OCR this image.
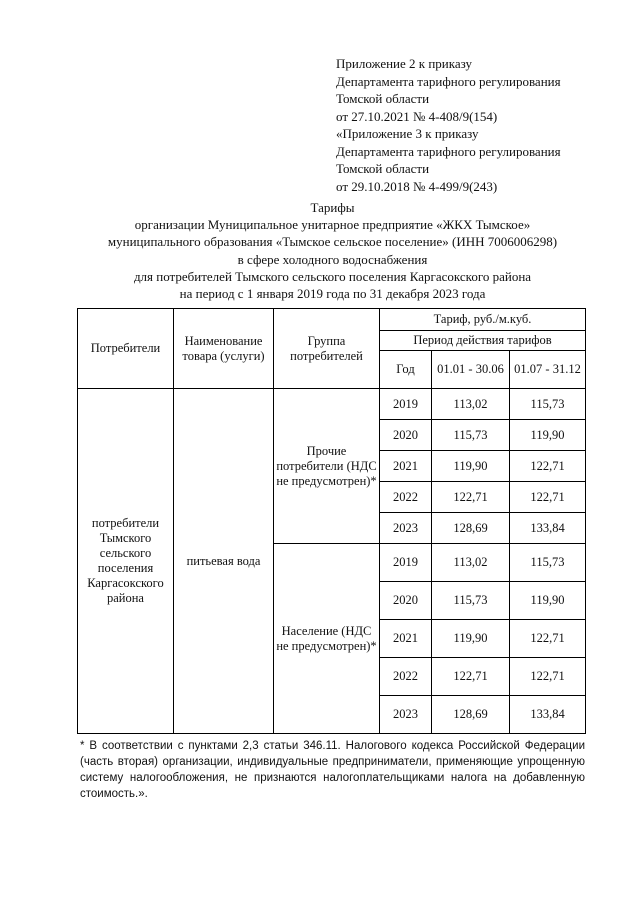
Приложение 2 к приказу
Департамента тарифного регулирования
Томской области
от 27.10.2021 № 4-408/9(154)
«Приложение 3 к приказу
Департамента тарифного регулирования
Томской области
от 29.10.2018 № 4-499/9(243)
Тарифы
организации Муниципальное унитарное предприятие «ЖКХ Тымское»
муниципального образования «Тымское сельское поселение» (ИНН 7006006298)
в сфере холодного водоснабжения
для потребителей Тымского сельского поселения Каргасокского района
на период с 1 января 2019 года по 31 декабря 2023 года
Потребители	Наименование товара (услуги)	Группа потребителей	Тариф, руб./м.куб.		
			Период действия тарифов		
			Год	01.01 - 30.06	01.07 - 31.12
потребители Тымского сельского поселения Каргасокского района	питьевая вода	Прочие потребители (НДС не предусмотрен)*	2019	113,02	115,73
			2020	115,73	119,90
			2021	119,90	122,71
			2022	122,71	122,71
			2023	128,69	133,84
		Население (НДС не предусмотрен)*	2019	113,02	115,73
			2020	115,73	119,90
			2021	119,90	122,71
			2022	122,71	122,71
			2023	128,69	133,84
* В соответствии с пунктами 2,3 статьи 346.11. Налогового кодекса Российской Федерации (часть вторая) организации, индивидуальные предприниматели, применяющие упрощенную систему налогообложения, не признаются налогоплательщиками налога на добавленную стоимость.».
